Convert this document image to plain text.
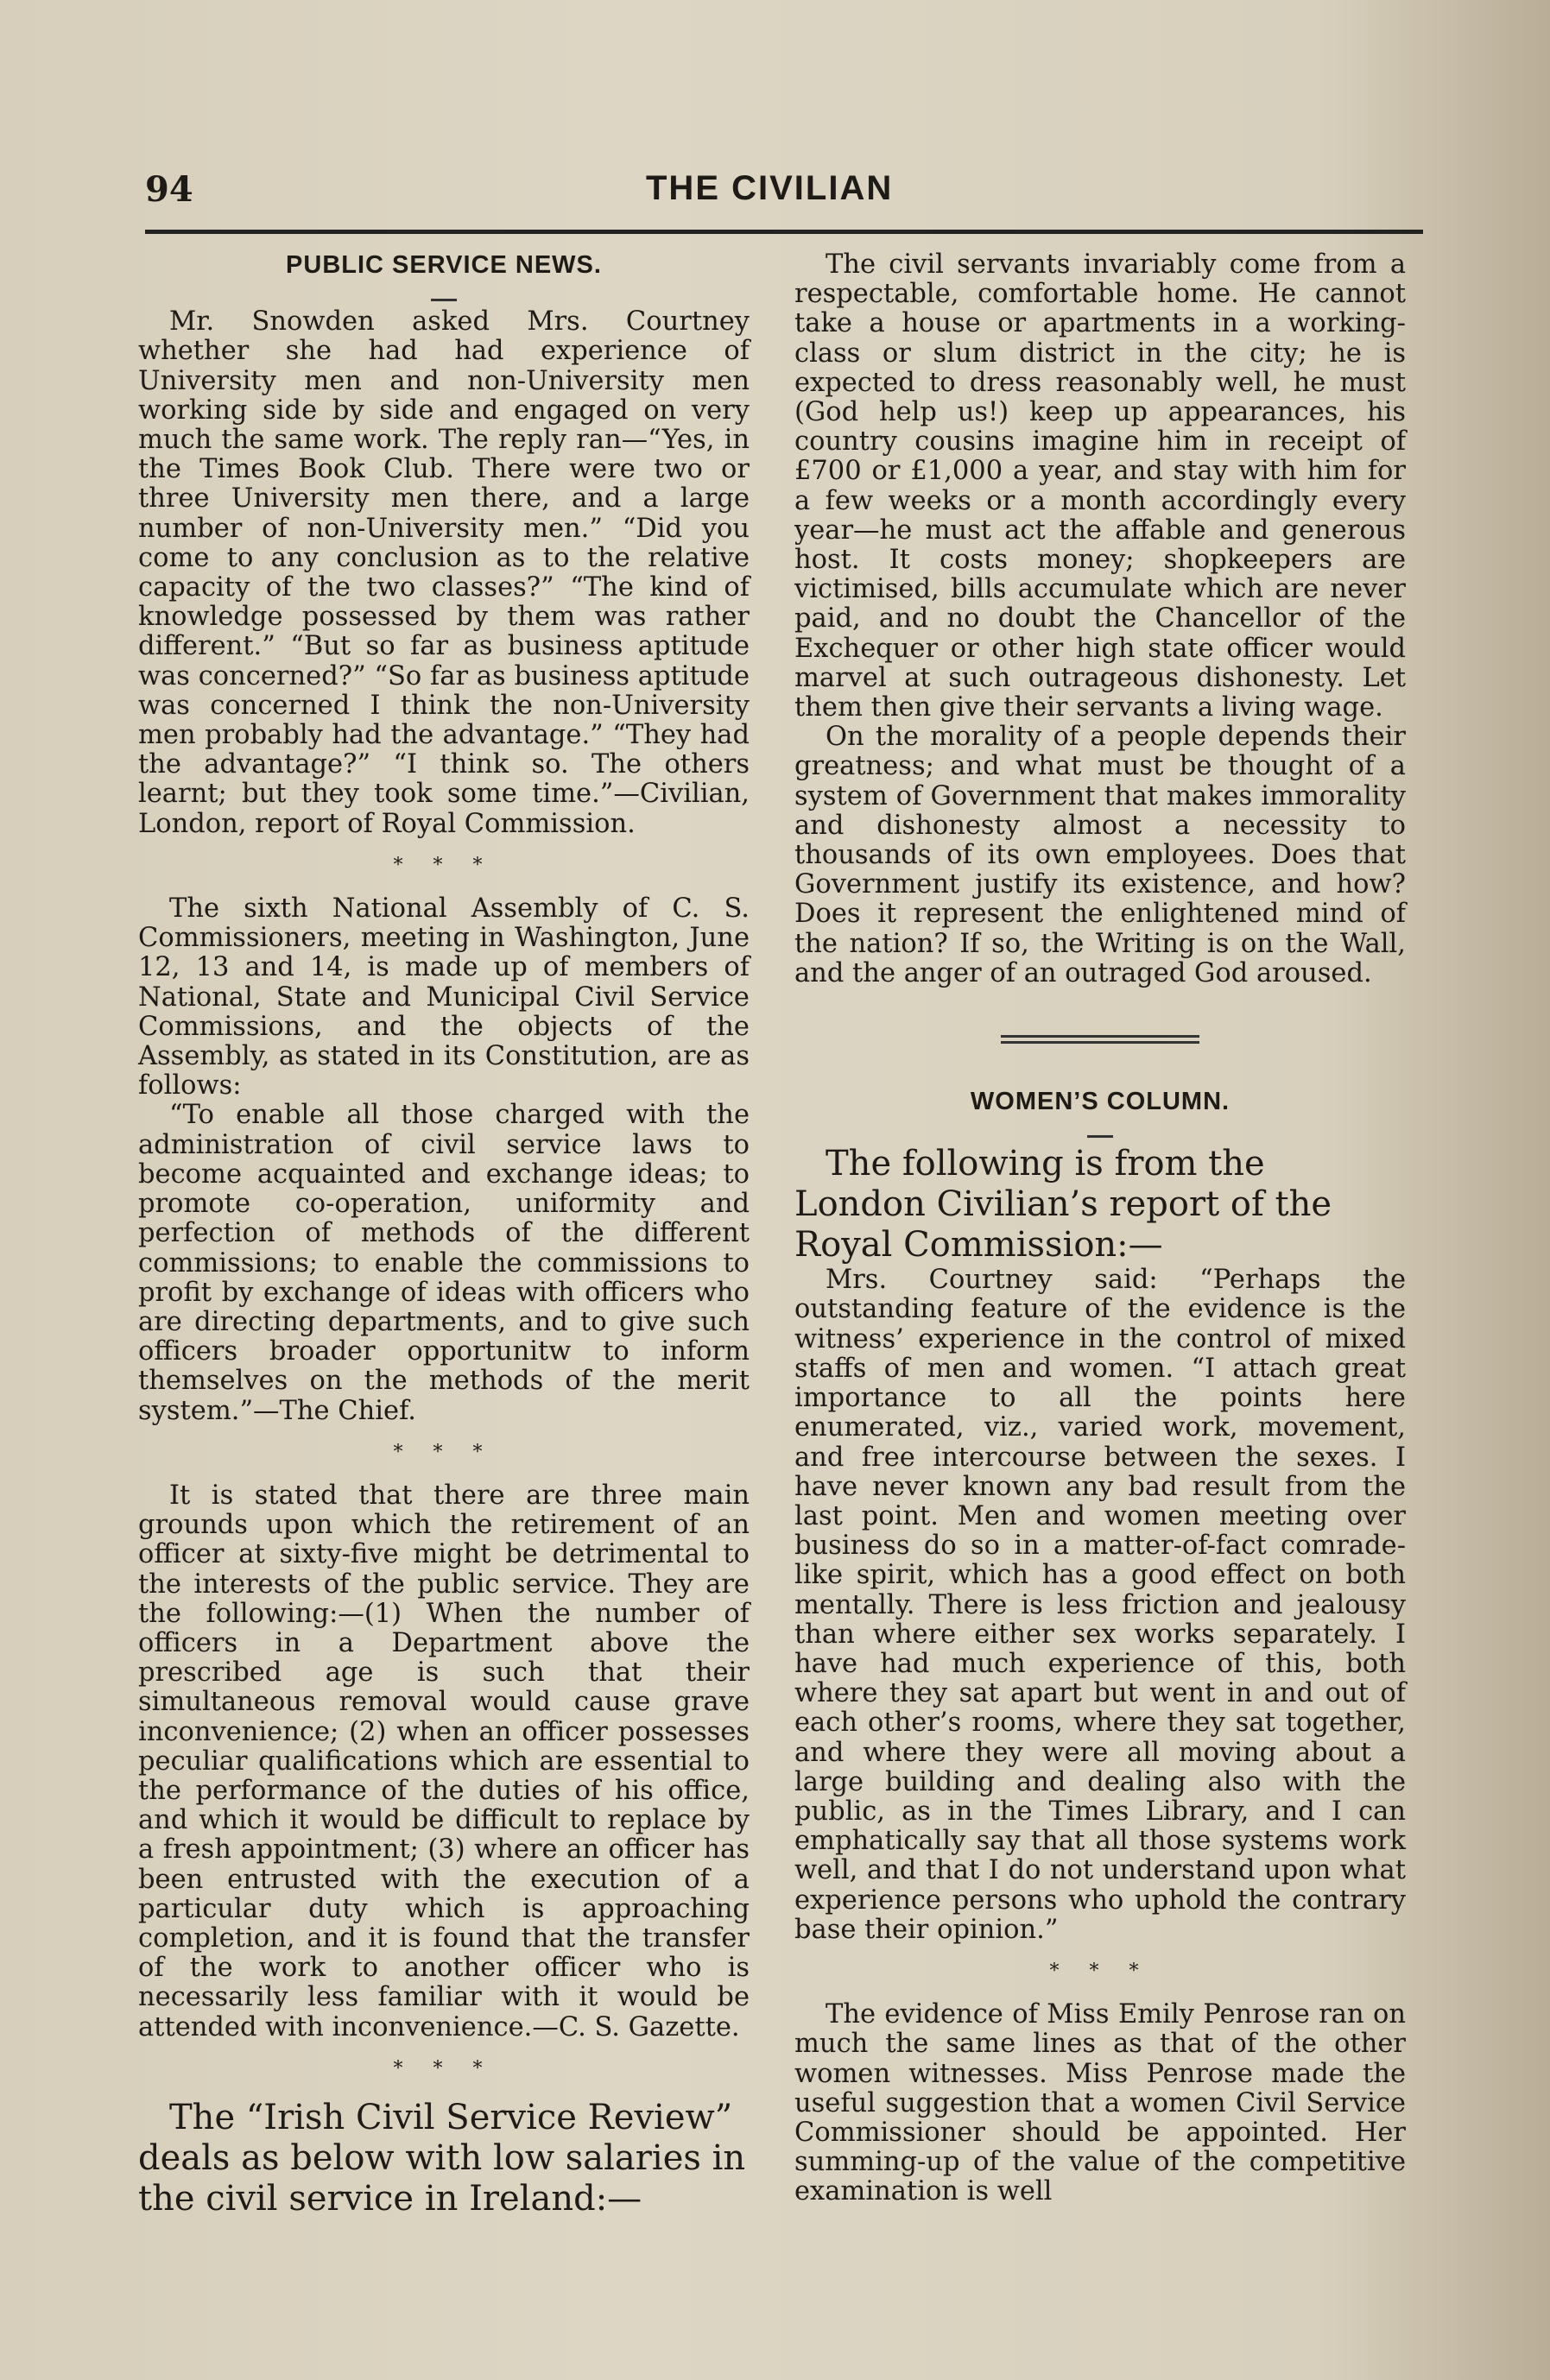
94	THE CIVILIAN
PUBLIC SERVICE NEWS.

Mr. Snowden asked Mrs. Courtney whether she had had experience of University men and non-University men working side by side and engaged on very much the same work. The reply ran—“Yes, in the Times Book Club. There were two or three University men there, and a large number of non-University men.” “Did you come to any conclusion as to the relative capacity of the two classes?” “The kind of knowledge possessed by them was rather different.” “But so far as business aptitude was concerned?” “So far as business aptitude was concerned I think the non-University men probably had the advantage.” “They had the advantage?” “I think so. The others learnt; but they took some time.”—Civilian, London, report of Royal Commission.

* * *

The sixth National Assembly of C. S. Commissioners, meeting in Washington, June 12, 13 and 14, is made up of members of National, State and Municipal Civil Service Commissions, and the objects of the Assembly, as stated in its Constitution, are as follows:

“To enable all those charged with the administration of civil service laws to become acquainted and exchange ideas; to promote co-operation, uniformity and perfection of methods of the different commissions; to enable the commissions to profit by exchange of ideas with officers who are directing departments, and to give such officers broader opportunitw to inform themselves on the methods of the merit system.”—The Chief.

* * *

It is stated that there are three main grounds upon which the retirement of an officer at sixty-five might be detrimental to the interests of the public service. They are the following:—(1) When the number of officers in a Department above the prescribed age is such that their simultaneous removal would cause grave inconvenience; (2) when an officer possesses peculiar qualifications which are essential to the performance of the duties of his office, and which it would be difficult to replace by a fresh appointment; (3) where an officer has been entrusted with the execution of a particular duty which is approaching completion, and it is found that the transfer of the work to another officer who is necessarily less familiar with it would be attended with inconvenience.—C. S. Gazette.

* * *

The “Irish Civil Service Review” deals as below with low salaries in the civil service in Ireland:—

The civil servants invariably come from a respectable, comfortable home. He cannot take a house or apartments in a working-class or slum district in the city; he is expected to dress reasonably well, he must (God help us!) keep up appearances, his country cousins imagine him in receipt of £700 or £1,000 a year, and stay with him for a few weeks or a month accordingly every year—he must act the affable and generous host. It costs money; shopkeepers are victimised, bills accumulate which are never paid, and no doubt the Chancellor of the Exchequer or other high state officer would marvel at such outrageous dishonesty. Let them then give their servants a living wage.

On the morality of a people depends their greatness; and what must be thought of a system of Government that makes immorality and dishonesty almost a necessity to thousands of its own employees. Does that Government justify its existence, and how? Does it represent the enlightened mind of the nation? If so, the Writing is on the Wall, and the anger of an outraged God aroused.

WOMEN’S COLUMN.

The following is from the London Civilian’s report of the Royal Commission:—

Mrs. Courtney said: “Perhaps the outstanding feature of the evidence is the witness’ experience in the control of mixed staffs of men and women. “I attach great importance to all the points here enumerated, viz., varied work, movement, and free intercourse between the sexes. I have never known any bad result from the last point. Men and women meeting over business do so in a matter-of-fact comrade-like spirit, which has a good effect on both mentally. There is less friction and jealousy than where either sex works separately. I have had much experience of this, both where they sat apart but went in and out of each other’s rooms, where they sat together, and where they were all moving about a large building and dealing also with the public, as in the Times Library, and I can emphatically say that all those systems work well, and that I do not understand upon what experience persons who uphold the contrary base their opinion.”

* * *

The evidence of Miss Emily Penrose ran on much the same lines as that of the other women witnesses. Miss Penrose made the useful suggestion that a women Civil Service Commissioner should be appointed. Her summing-up of the value of the competitive examination is well
